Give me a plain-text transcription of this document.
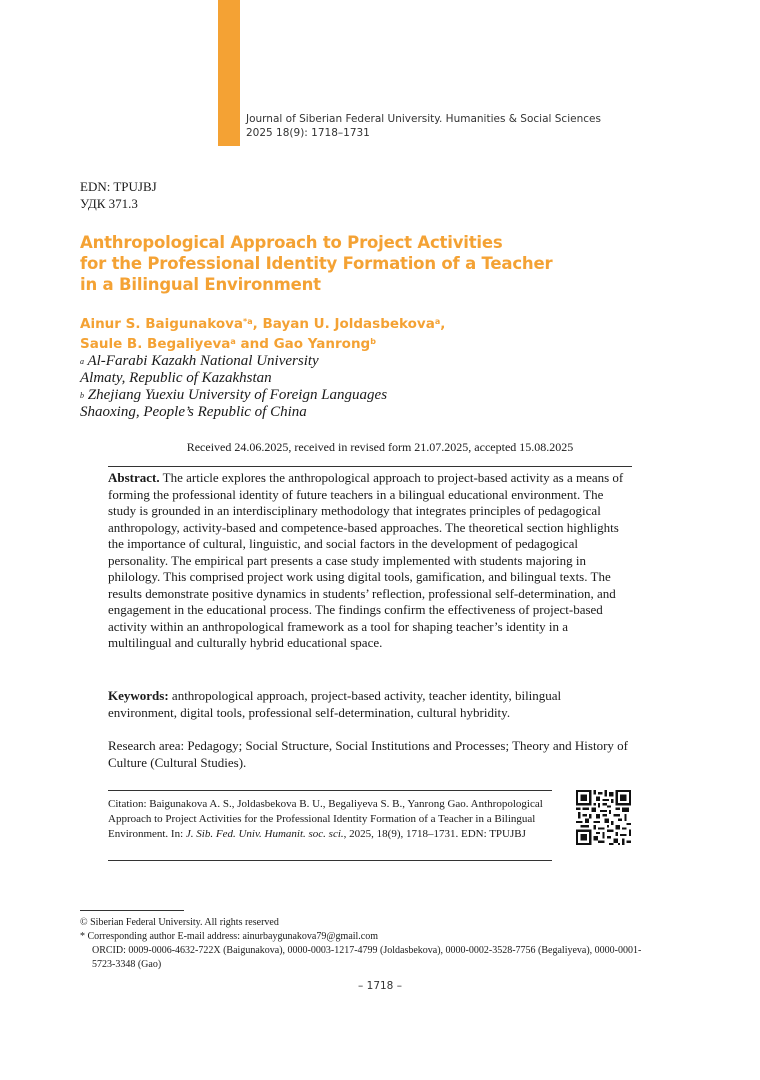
Journal of Siberian Federal University. Humanities & Social Sciences
2025 18(9): 1718–1731
EDN: TPUJBJ
УДК 371.3
Anthropological Approach to Project Activities
for the Professional Identity Formation of a Teacher
in a Bilingual Environment
Ainur S. Baigunakova$^{*a}$, Bayan U. Joldasbekova$^a$,
Saule B. Begaliyeva$^a$ and Gao Yanrong$^b$
$^a$ Al-Farabi Kazakh National University
Almaty, Republic of Kazakhstan
$^b$ Zhejiang Yuexiu University of Foreign Languages
Shaoxing, People’s Republic of China
Received 24.06.2025, received in revised form 21.07.2025, accepted 15.08.2025
Abstract. The article explores the anthropological approach to project-based activity as a means of forming the professional identity of future teachers in a bilingual educational environment. The study is grounded in an interdisciplinary methodology that integrates principles of pedagogical anthropology, activity-based and competence-based approaches. The theoretical section highlights the importance of cultural, linguistic, and social factors in the development of pedagogical personality. The empirical part presents a case study implemented with students majoring in philology. This comprised project work using digital tools, gamification, and bilingual texts. The results demonstrate positive dynamics in students’ reflection, professional self-determination, and engagement in the educational process. The findings confirm the effectiveness of project-based activity within an anthropological framework as a tool for shaping teacher’s identity in a multilingual and culturally hybrid educational space.
Keywords: anthropological approach, project-based activity, teacher identity, bilingual environment, digital tools, professional self-determination, cultural hybridity.
Research area: Pedagogy; Social Structure, Social Institutions and Processes; Theory and History of Culture (Cultural Studies).
Citation: Baigunakova A. S., Joldasbekova B. U., Begaliyeva S. B., Yanrong Gao. Anthropological Approach to Project Activities for the Professional Identity Formation of a Teacher in a Bilingual Environment. In: J. Sib. Fed. Univ. Humanit. soc. sci., 2025, 18(9), 1718–1731. EDN: TPUJBJ
© Siberian Federal University. All rights reserved
* Corresponding author E-mail address: ainurbaygunakova79@gmail.com
ORCID: 0009-0006-4632-722X (Baigunakova), 0000-0003-1217-4799 (Joldasbekova), 0000-0002-3528-7756 (Begaliyeva), 0000-0001-5723-3348 (Gao)
– 1718 –
